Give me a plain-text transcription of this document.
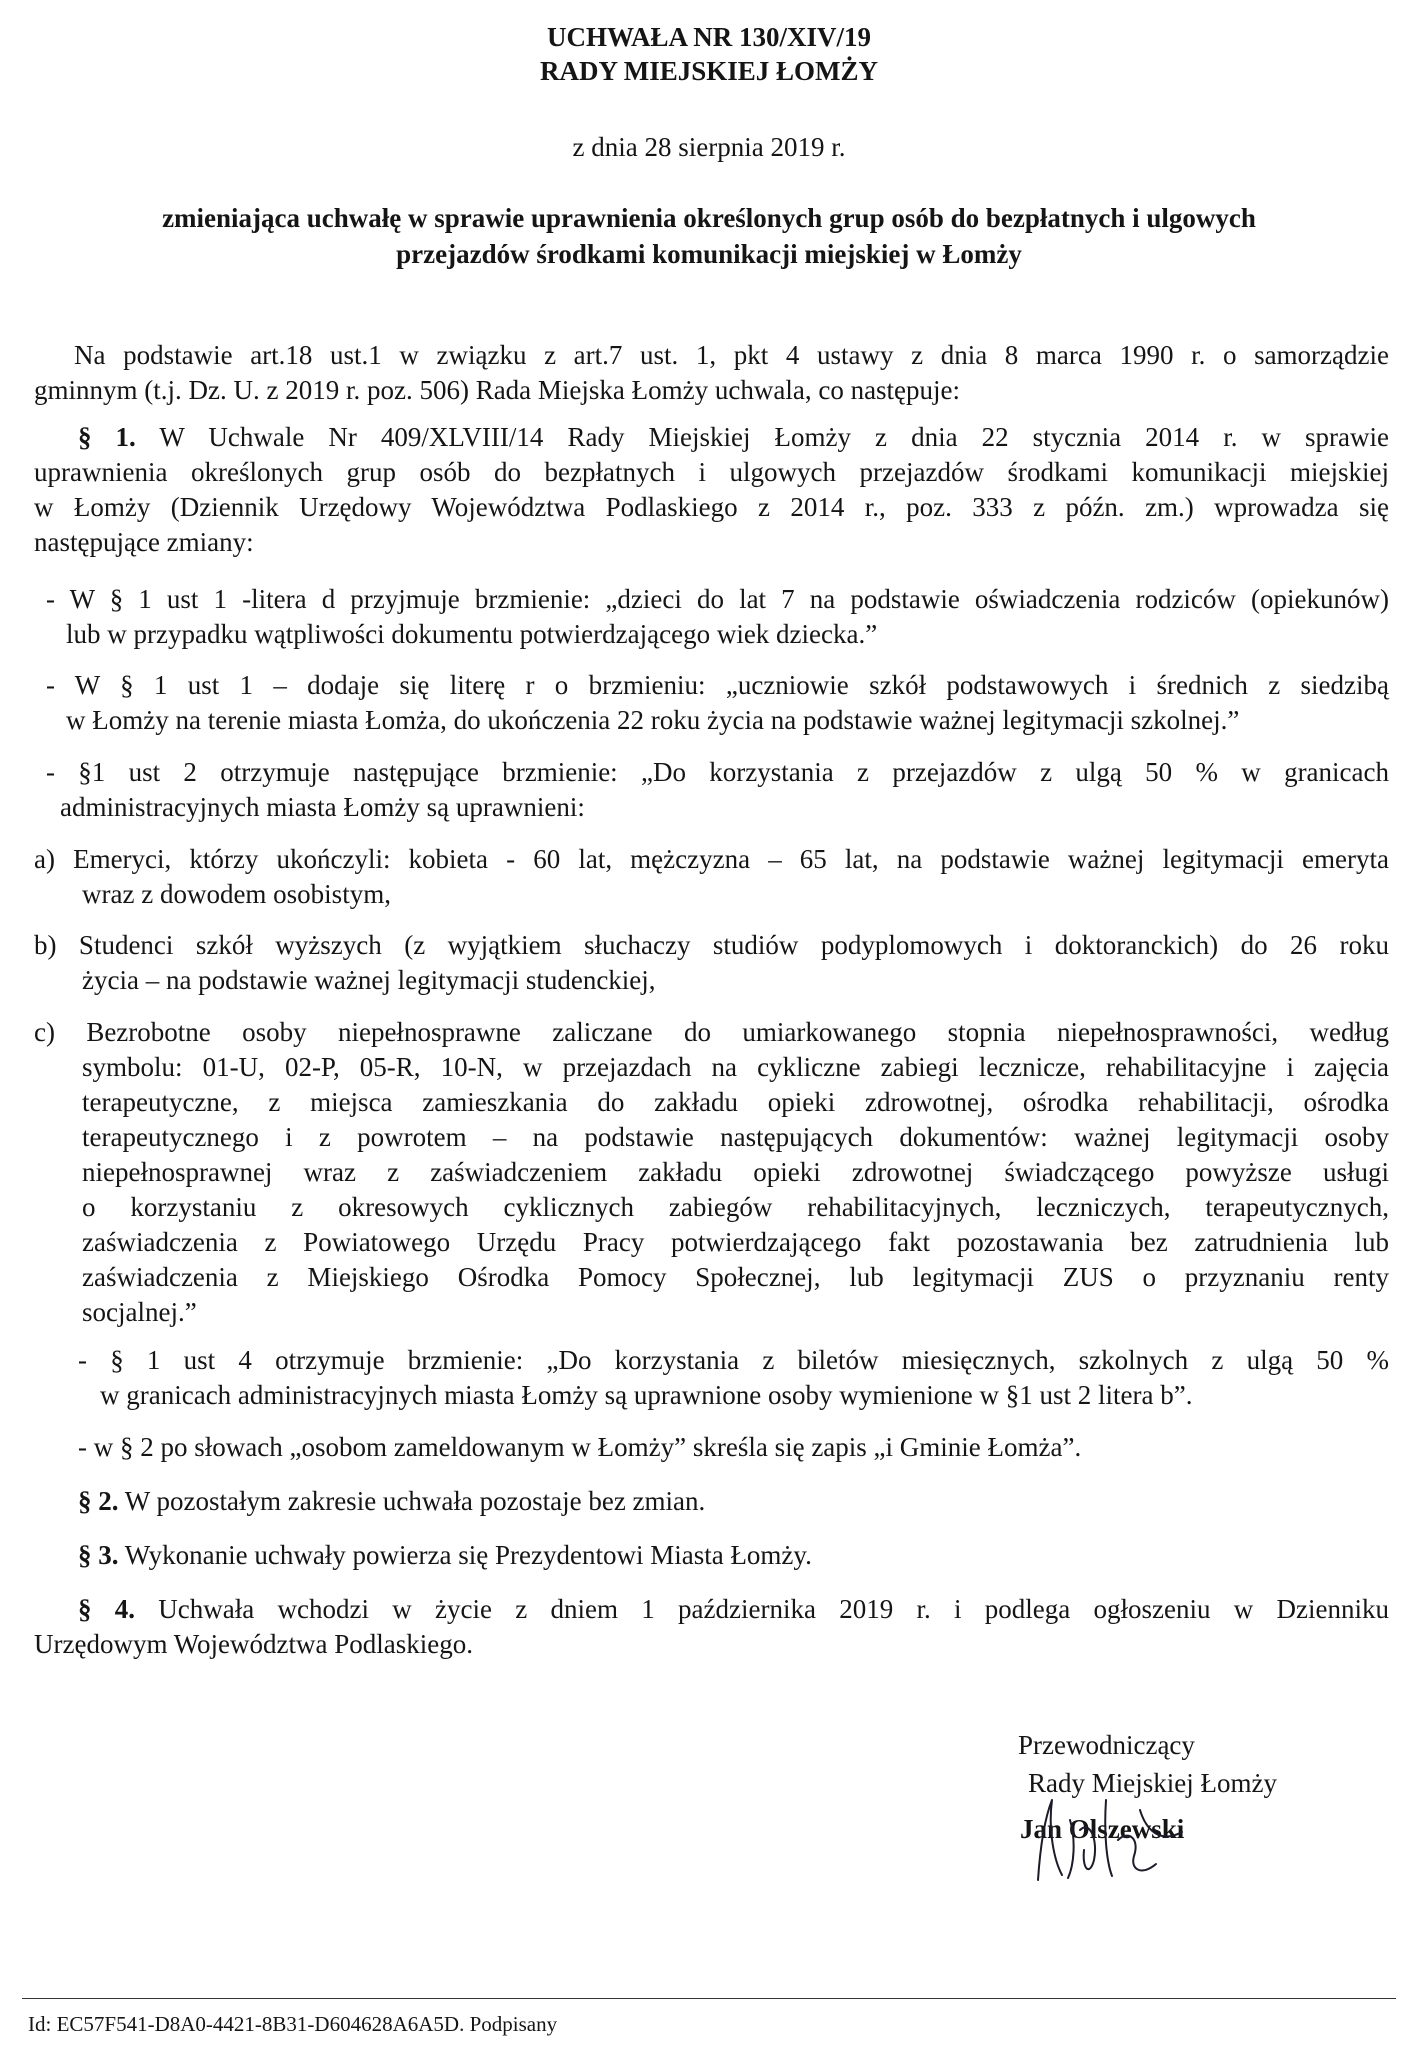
UCHWAŁA NR 130/XIV/19
RADY MIEJSKIEJ ŁOMŻY
z dnia 28 sierpnia 2019 r.
zmieniająca uchwałę w sprawie uprawnienia określonych grup osób do bezpłatnych i ulgowych
przejazdów środkami komunikacji miejskiej w Łomży
Na podstawie art.18 ust.1 w związku z art.7 ust. 1, pkt 4 ustawy z dnia 8 marca 1990 r. o samorządzie
gminnym (t.j. Dz. U. z 2019 r. poz. 506) Rada Miejska Łomży uchwala, co następuje:
§ 1. W Uchwale Nr 409/XLVIII/14 Rady Miejskiej Łomży z dnia 22 stycznia 2014 r. w sprawie
uprawnienia określonych grup osób do bezpłatnych i ulgowych przejazdów środkami komunikacji miejskiej
w Łomży (Dziennik Urzędowy Województwa Podlaskiego z 2014 r., poz. 333 z późn. zm.) wprowadza się
następujące zmiany:
- W § 1 ust 1 -litera d przyjmuje brzmienie: „dzieci do lat 7 na podstawie oświadczenia rodziców (opiekunów)
lub w przypadku wątpliwości dokumentu potwierdzającego wiek dziecka.”
- W § 1 ust 1 – dodaje się literę r o brzmieniu: „uczniowie szkół podstawowych i średnich z siedzibą
w Łomży na terenie miasta Łomża, do ukończenia 22 roku życia na podstawie ważnej legitymacji szkolnej.”
- §1 ust 2 otrzymuje następujące brzmienie: „Do korzystania z przejazdów z ulgą 50 % w granicach
administracyjnych miasta Łomży są uprawnieni:
a) Emeryci, którzy ukończyli: kobieta - 60 lat, mężczyzna – 65 lat, na podstawie ważnej legitymacji emeryta
wraz z dowodem osobistym,
b) Studenci szkół wyższych (z wyjątkiem słuchaczy studiów podyplomowych i doktoranckich) do 26 roku
życia – na podstawie ważnej legitymacji studenckiej,
c) Bezrobotne osoby niepełnosprawne zaliczane do umiarkowanego stopnia niepełnosprawności, według
symbolu: 01-U, 02-P, 05-R, 10-N, w przejazdach na cykliczne zabiegi lecznicze, rehabilitacyjne i zajęcia
terapeutyczne, z miejsca zamieszkania do zakładu opieki zdrowotnej, ośrodka rehabilitacji, ośrodka
terapeutycznego i z powrotem – na podstawie następujących dokumentów: ważnej legitymacji osoby
niepełnosprawnej wraz z zaświadczeniem zakładu opieki zdrowotnej świadczącego powyższe usługi
o korzystaniu z okresowych cyklicznych zabiegów rehabilitacyjnych, leczniczych, terapeutycznych,
zaświadczenia z Powiatowego Urzędu Pracy potwierdzającego fakt pozostawania bez zatrudnienia lub
zaświadczenia z Miejskiego Ośrodka Pomocy Społecznej, lub legitymacji ZUS o przyznaniu renty
socjalnej.”
- § 1 ust 4 otrzymuje brzmienie: „Do korzystania z biletów miesięcznych, szkolnych z ulgą 50 %
w granicach administracyjnych miasta Łomży są uprawnione osoby wymienione w §1 ust 2 litera b”.
- w § 2 po słowach „osobom zameldowanym w Łomży” skreśla się zapis „i Gminie Łomża”.
§ 2. W pozostałym zakresie uchwała pozostaje bez zmian.
§ 3. Wykonanie uchwały powierza się Prezydentowi Miasta Łomży.
§ 4. Uchwała wchodzi w życie z dniem 1 października 2019 r. i podlega ogłoszeniu w Dzienniku
Urzędowym Województwa Podlaskiego.
Przewodniczący
Rady Miejskiej Łomży
Jan Olszewski
Id: EC57F541-D8A0-4421-8B31-D604628A6A5D. Podpisany
